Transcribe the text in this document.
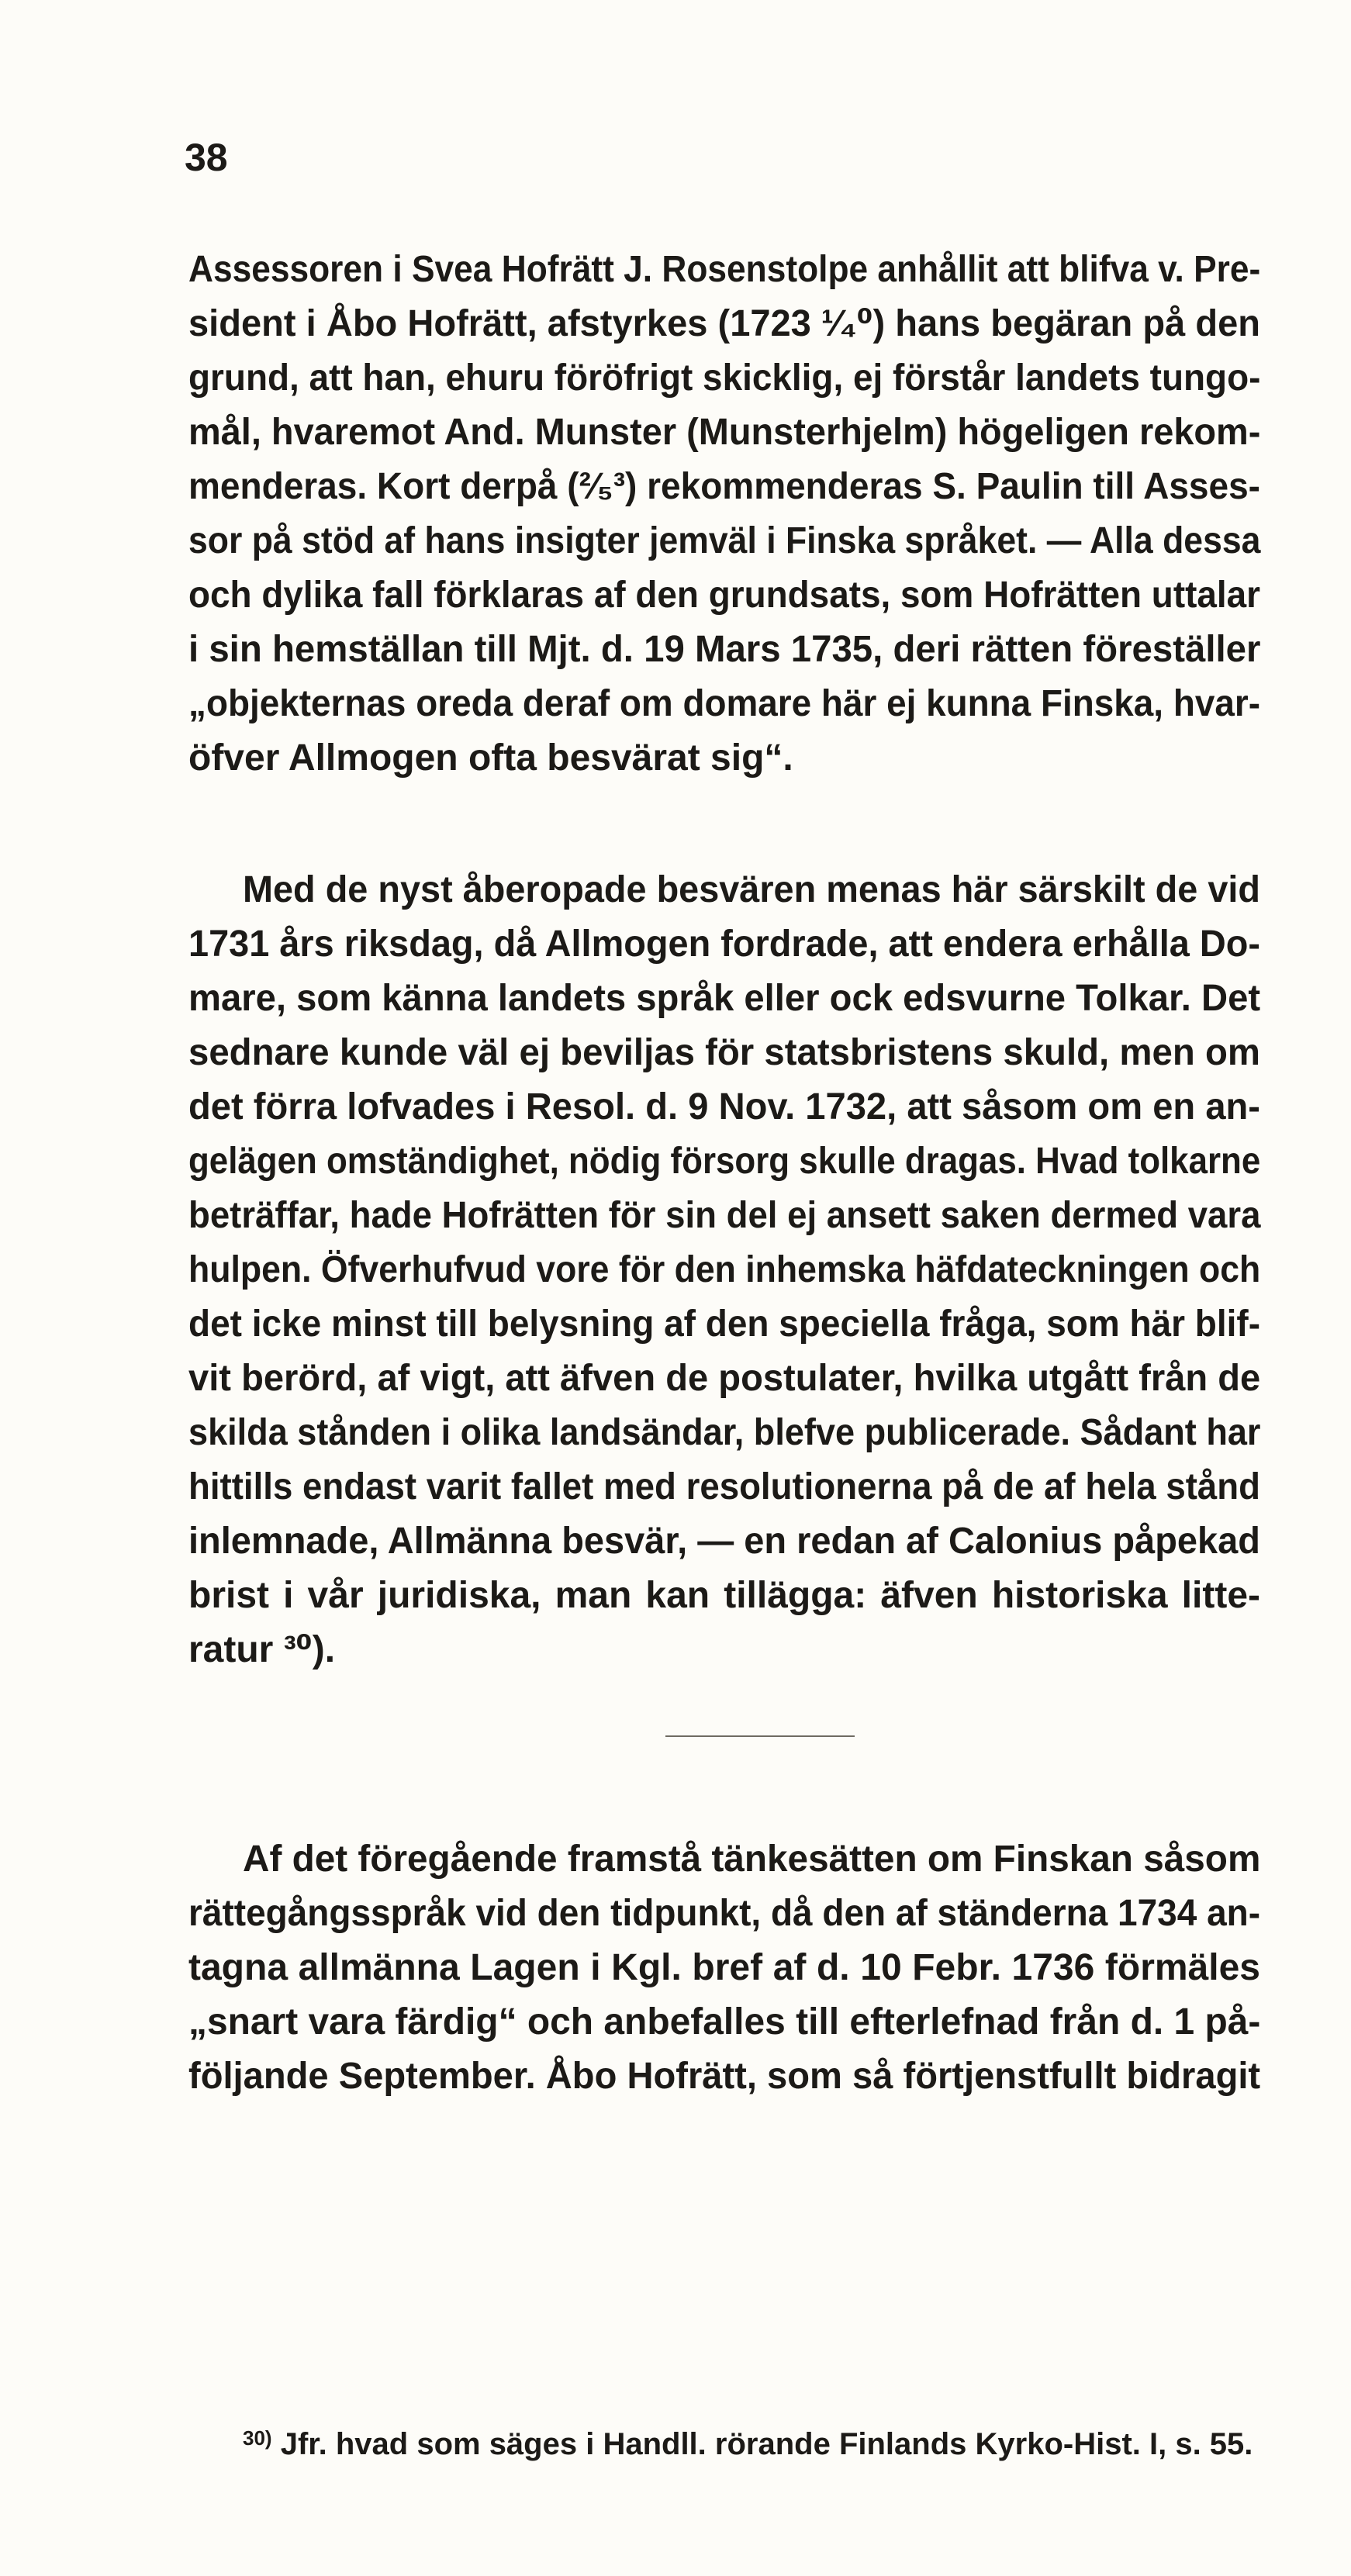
38
Assessoren i Svea Hofrätt J. Rosenstolpe anhållit att blifva v. Pre-
sident i Åbo Hofrätt, afstyrkes (1723 ¹⁄₄⁰) hans begäran på den
grund, att han, ehuru föröfrigt skicklig, ej förstår landets tungo-
mål, hvaremot And. Munster (Munsterhjelm) högeligen rekom-
menderas. Kort derpå (²⁄₅³) rekommenderas S. Paulin till Asses-
sor på stöd af hans insigter jemväl i Finska språket. — Alla dessa
och dylika fall förklaras af den grundsats, som Hofrätten uttalar
i sin hemställan till Mjt. d. 19 Mars 1735, deri rätten föreställer
„objekternas oreda deraf om domare här ej kunna Finska, hvar-
öfver Allmogen ofta besvärat sig“.
Med de nyst åberopade besvären menas här särskilt de vid
1731 års riksdag, då Allmogen fordrade, att endera erhålla Do-
mare, som känna landets språk eller ock edsvurne Tolkar. Det
sednare kunde väl ej beviljas för statsbristens skuld, men om
det förra lofvades i Resol. d. 9 Nov. 1732, att såsom om en an-
gelägen omständighet, nödig försorg skulle dragas. Hvad tolkarne
beträffar, hade Hofrätten för sin del ej ansett saken dermed vara
hulpen. Öfverhufvud vore för den inhemska häfdateckningen och
det icke minst till belysning af den speciella fråga, som här blif-
vit berörd, af vigt, att äfven de postulater, hvilka utgått från de
skilda stånden i olika landsändar, blefve publicerade. Sådant har
hittills endast varit fallet med resolutionerna på de af hela stånd
inlemnade, Allmänna besvär, — en redan af Calonius påpekad
brist i vår juridiska, man kan tillägga: äfven historiska litte-
ratur ³⁰).
Af det föregående framstå tänkesätten om Finskan såsom
rättegångsspråk vid den tidpunkt, då den af ständerna 1734 an-
tagna allmänna Lagen i Kgl. bref af d. 10 Febr. 1736 förmäles
„snart vara färdig“ och anbefalles till efterlefnad från d. 1 på-
följande September. Åbo Hofrätt, som så förtjenstfullt bidragit
$^{30)}$ Jfr. hvad som säges i Handll. rörande Finlands Kyrko-Hist. I, s. 55.
